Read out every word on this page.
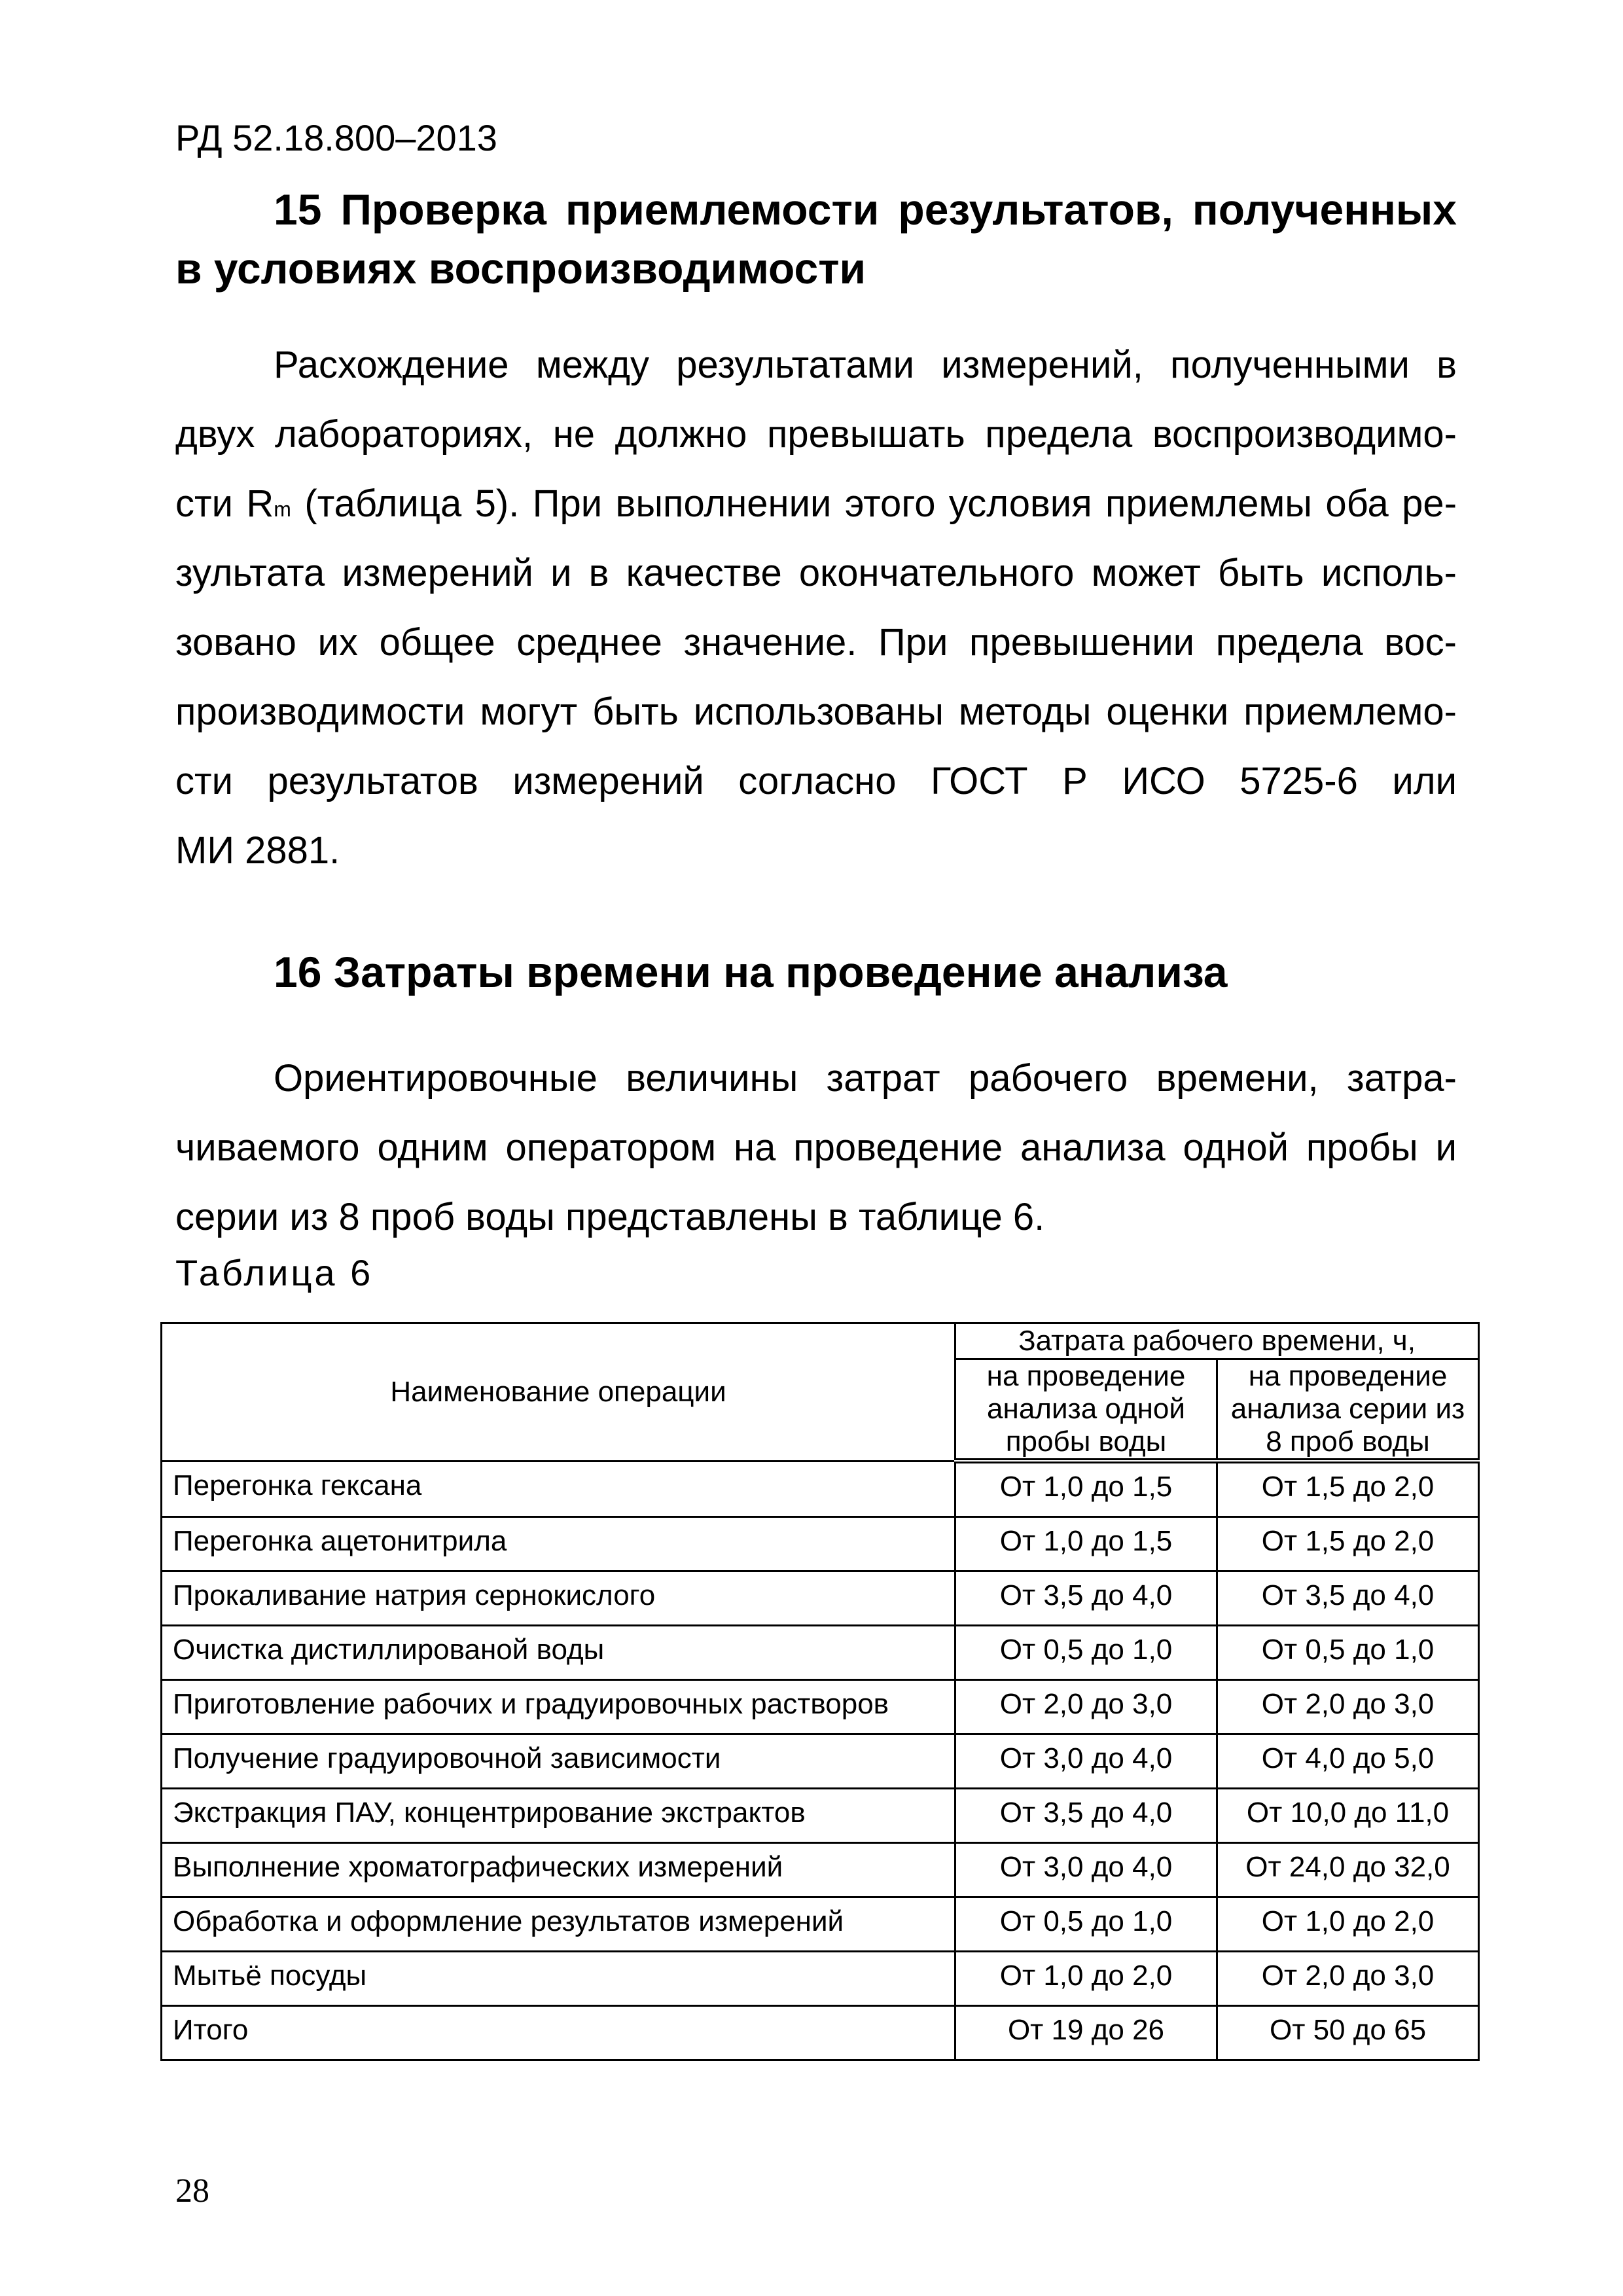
РД 52.18.800–2013
15 Проверка приемлемости результатов, полученных
в условиях воспроизводимости
Расхождение между результатами измерений, полученными в
двух лабораториях, не должно превышать предела воспроизводимо-
сти Rm (таблица 5). При выполнении этого условия приемлемы оба ре-
зультата измерений и в качестве окончательного может быть исполь-
зовано их общее среднее значение. При превышении предела вос-
производимости могут быть использованы методы оценки приемлемо-
сти результатов измерений согласно ГОСТ Р ИСО 5725-6 или
МИ 2881.
16 Затраты времени на проведение анализа
Ориентировочные величины затрат рабочего времени, затра-
чиваемого одним оператором на проведение анализа одной пробы и
серии из 8 проб воды представлены в таблице 6.
Таблица 6
Наименование операции	Затрата рабочего времени, ч,	
	на проведение анализа одной пробы воды	на проведение анализа серии из 8 проб воды
Перегонка гексана	От 1,0 до 1,5	От 1,5 до 2,0
Перегонка ацетонитрила	От 1,0 до 1,5	От 1,5 до 2,0
Прокаливание натрия сернокислого	От 3,5 до 4,0	От 3,5 до 4,0
Очистка дистиллированой воды	От 0,5 до 1,0	От 0,5 до 1,0
Приготовление рабочих и градуировочных растворов	От 2,0 до 3,0	От 2,0 до 3,0
Получение градуировочной зависимости	От 3,0 до 4,0	От 4,0 до 5,0
Экстракция ПАУ, концентрирование экстрактов	От 3,5 до 4,0	От 10,0 до 11,0
Выполнение хроматографических измерений	От 3,0 до 4,0	От 24,0 до 32,0
Обработка и оформление результатов измерений	От 0,5 до 1,0	От 1,0 до 2,0
Мытьё посуды	От 1,0 до 2,0	От 2,0 до 3,0
Итого	От 19 до 26	От 50 до 65
28
